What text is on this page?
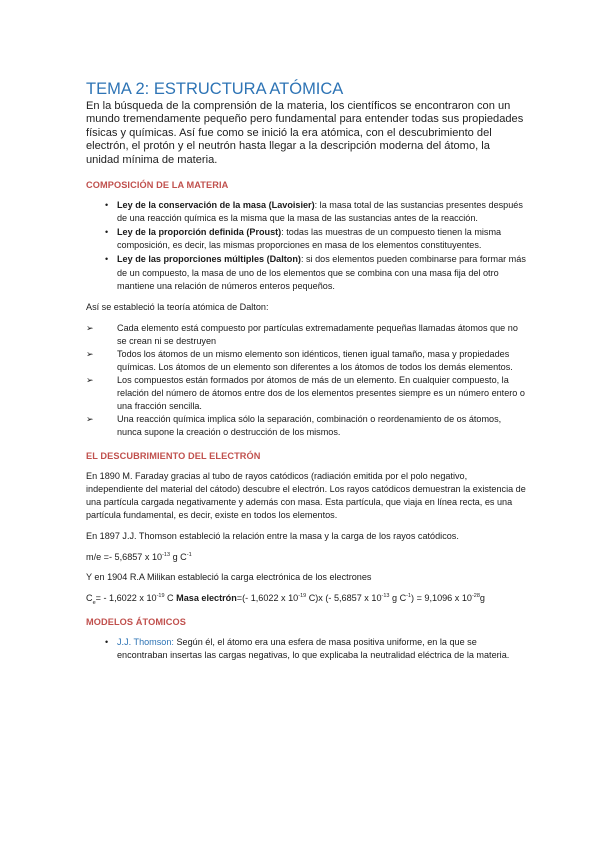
TEMA 2: ESTRUCTURA ATÓMICA

En la búsqueda de la comprensión de la materia, los científicos se encontraron con un mundo tremendamente pequeño pero fundamental para entender todas sus propiedades físicas y químicas. Así fue como se inició la era atómica, con el descubrimiento del electrón, el protón y el neutrón hasta llegar a la descripción moderna del átomo, la unidad mínima de materia.

COMPOSICIÓN DE LA MATERIA
• Ley de la conservación de la masa (Lavoisier): la masa total de las sustancias presentes después de una reacción química es la misma que la masa de las sustancias antes de la reacción.
• Ley de la proporción definida (Proust): todas las muestras de un compuesto tienen la misma composición, es decir, las mismas proporciones en masa de los elementos constituyentes.
• Ley de las proporciones múltiples (Dalton): si dos elementos pueden combinarse para formar más de un compuesto, la masa de uno de los elementos que se combina con una masa fija del otro mantiene una relación de números enteros pequeños.

Así se estableció la teoría atómica de Dalton:

➢	Cada elemento está compuesto por partículas extremadamente pequeñas llamadas átomos que no se crean ni se destruyen
➢	Todos los átomos de un mismo elemento son idénticos, tienen igual tamaño, masa y propiedades químicas. Los átomos de un elemento son diferentes a los átomos de todos los demás elementos.
➢	Los compuestos están formados por átomos de más de un elemento. En cualquier compuesto, la relación del número de átomos entre dos de los elementos presentes siempre es un número entero o una fracción sencilla.
➢	Una reacción química implica sólo la separación, combinación o reordenamiento de os átomos, nunca supone la creación o destrucción de los mismos.
EL DESCUBRIMIENTO DEL ELECTRÓN

En 1890 M. Faraday gracias al tubo de rayos catódicos (radiación emitida por el polo negativo, independiente del material del cátodo) descubre el electrón. Los rayos catódicos demuestran la existencia de una partícula cargada negativamente y además con masa. Esta partícula, que viaja en línea recta, es una partícula fundamental, es decir, existe en todos los elementos.

En 1897 J.J. Thomson estableció la relación entre la masa y la carga de los rayos catódicos.

m/e =- 5,6857 x $10^{-13}$ g $C^{-1}$

Y en 1904 R.A Milikan estableció la carga electrónica de los electrones

$C_e= - 1,6022$ x $10^{-19}$ C Masa electrón=(- 1,6022 x $10^{-19}$ C)x (- 5,6857 x $10^{-13}$ g $C^{-1}) = 9,1096$ x $10^{-28}g$

MODELOS ÁTOMICOS
• J.J. Thomson: Según él, el átomo era una esfera de masa positiva uniforme, en la que se encontraban insertas las cargas negativas, lo que explicaba la neutralidad eléctrica de la materia.
